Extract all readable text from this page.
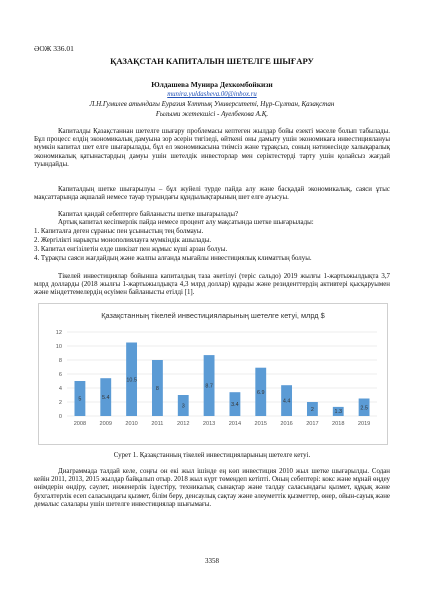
ӘОЖ 336.01
ҚАЗАҚСТАН КАПИТАЛЫН ШЕТЕЛГЕ ШЫҒАРУ
Юлдашева Мунира Дехкомбойкизи
munira.yuldasheva.00@inbox.ru
Л.Н.Гумилев атындағы Еуразия Ұлттық Университеті, Нұр-Сұлтан, Қазақстан
Ғылыми жетекшісі - Ауелбекова А.Қ.
Капиталды Қазақстаннан шетелге шығару проблемасы кептеген жылдар бойы езекті мәселе болып табылады. Бұл процесс елдің экономикалық дамуына зор әсерін тигізеді, өйткені оны дамыту ушін экономикаға инвестициялануы мумкін капитал шет елге шығарылады, бұл ел экономикасына тиімсіз және тұрақсыз, соның нәтижесінде халықаралық экономикалық қатынастардың дамуы ушін шетелдік инвесторлар мен серіктестерді тарту ушін қолайсыз жағдай туындайды.
Капиталдың шетке шығарылуы – бұл жуйелі турде пайда алу және басқадай экономикалық, саяси ұтыс мақсаттарында ақшалай немесе тауар турындағы құндылықтарының шет елге ауысуы.
Капитал қандай себептерге байланысты шетке шығарылады?
Артық капитал кесіпкерлік пайда немесе процент алу мақсатында шетке шығарылады:
1. Капиталға деген сұраныс пен ұсыныстың тең болмауы.
2. Жергілікті нарықты монополиялауға мумкіндік ашылады.
3. Капитал енгізілетін елде шикізат пен жұмыс күші арзан болуы.
4. Тұрақты саяси жағдайдың және жалпы алғанда мығайлы инвестициялық климаттың болуы.
Тікелей инвестициялар бойынша капиталдың таза әкетілуі (теріс сальдо) 2019 жылғы 1-жартыжылдықта 3,7 млрд долларды (2018 жылғы 1-жартыжылдықта 4,3 млрд доллар) құрады және резиденттердің активтері қысқаруымен және міндеттемелердің өсуімен байланысты етілді [1].
Қазақстанның тікелей инвестицияларының шетелге кетуі, млрд $
0
2
4
6
8
10
12
5
2008
5.4
2009
10.5
2010
8
2011
3
2012
8.7
2013
3.4
2014
6.9
2015
4.4
2016
2
2017
1.3
2018
2.5
2019
Сурет 1. Қазақстанның тікелей инвестицияларының шетелге кетуі.
Диаграммада талдай келе, соңғы он екі жыл ішінде ең көп инвестиция 2010 жыл шетке шығарылды. Содан кейін 2011, 2013, 2015 жылдар байқалып отыр. 2018 жыл күрт төмендеп кетіпті. Оның себептері: кокс және мұнай өңдеу өнімдерін өндіру, сәулет, инженерлік іздестіру, техникалық сынақтар және талдау саласындағы қызмет, құқық және бухгалтерлік есеп саласындағы қызмет, білім беру, денсаулық сақтау және әлеуметтік қызметтер, өнер, ойын-сауық және демалыс салалары ушін шетелге инвестициялар шығымағы.
3358
